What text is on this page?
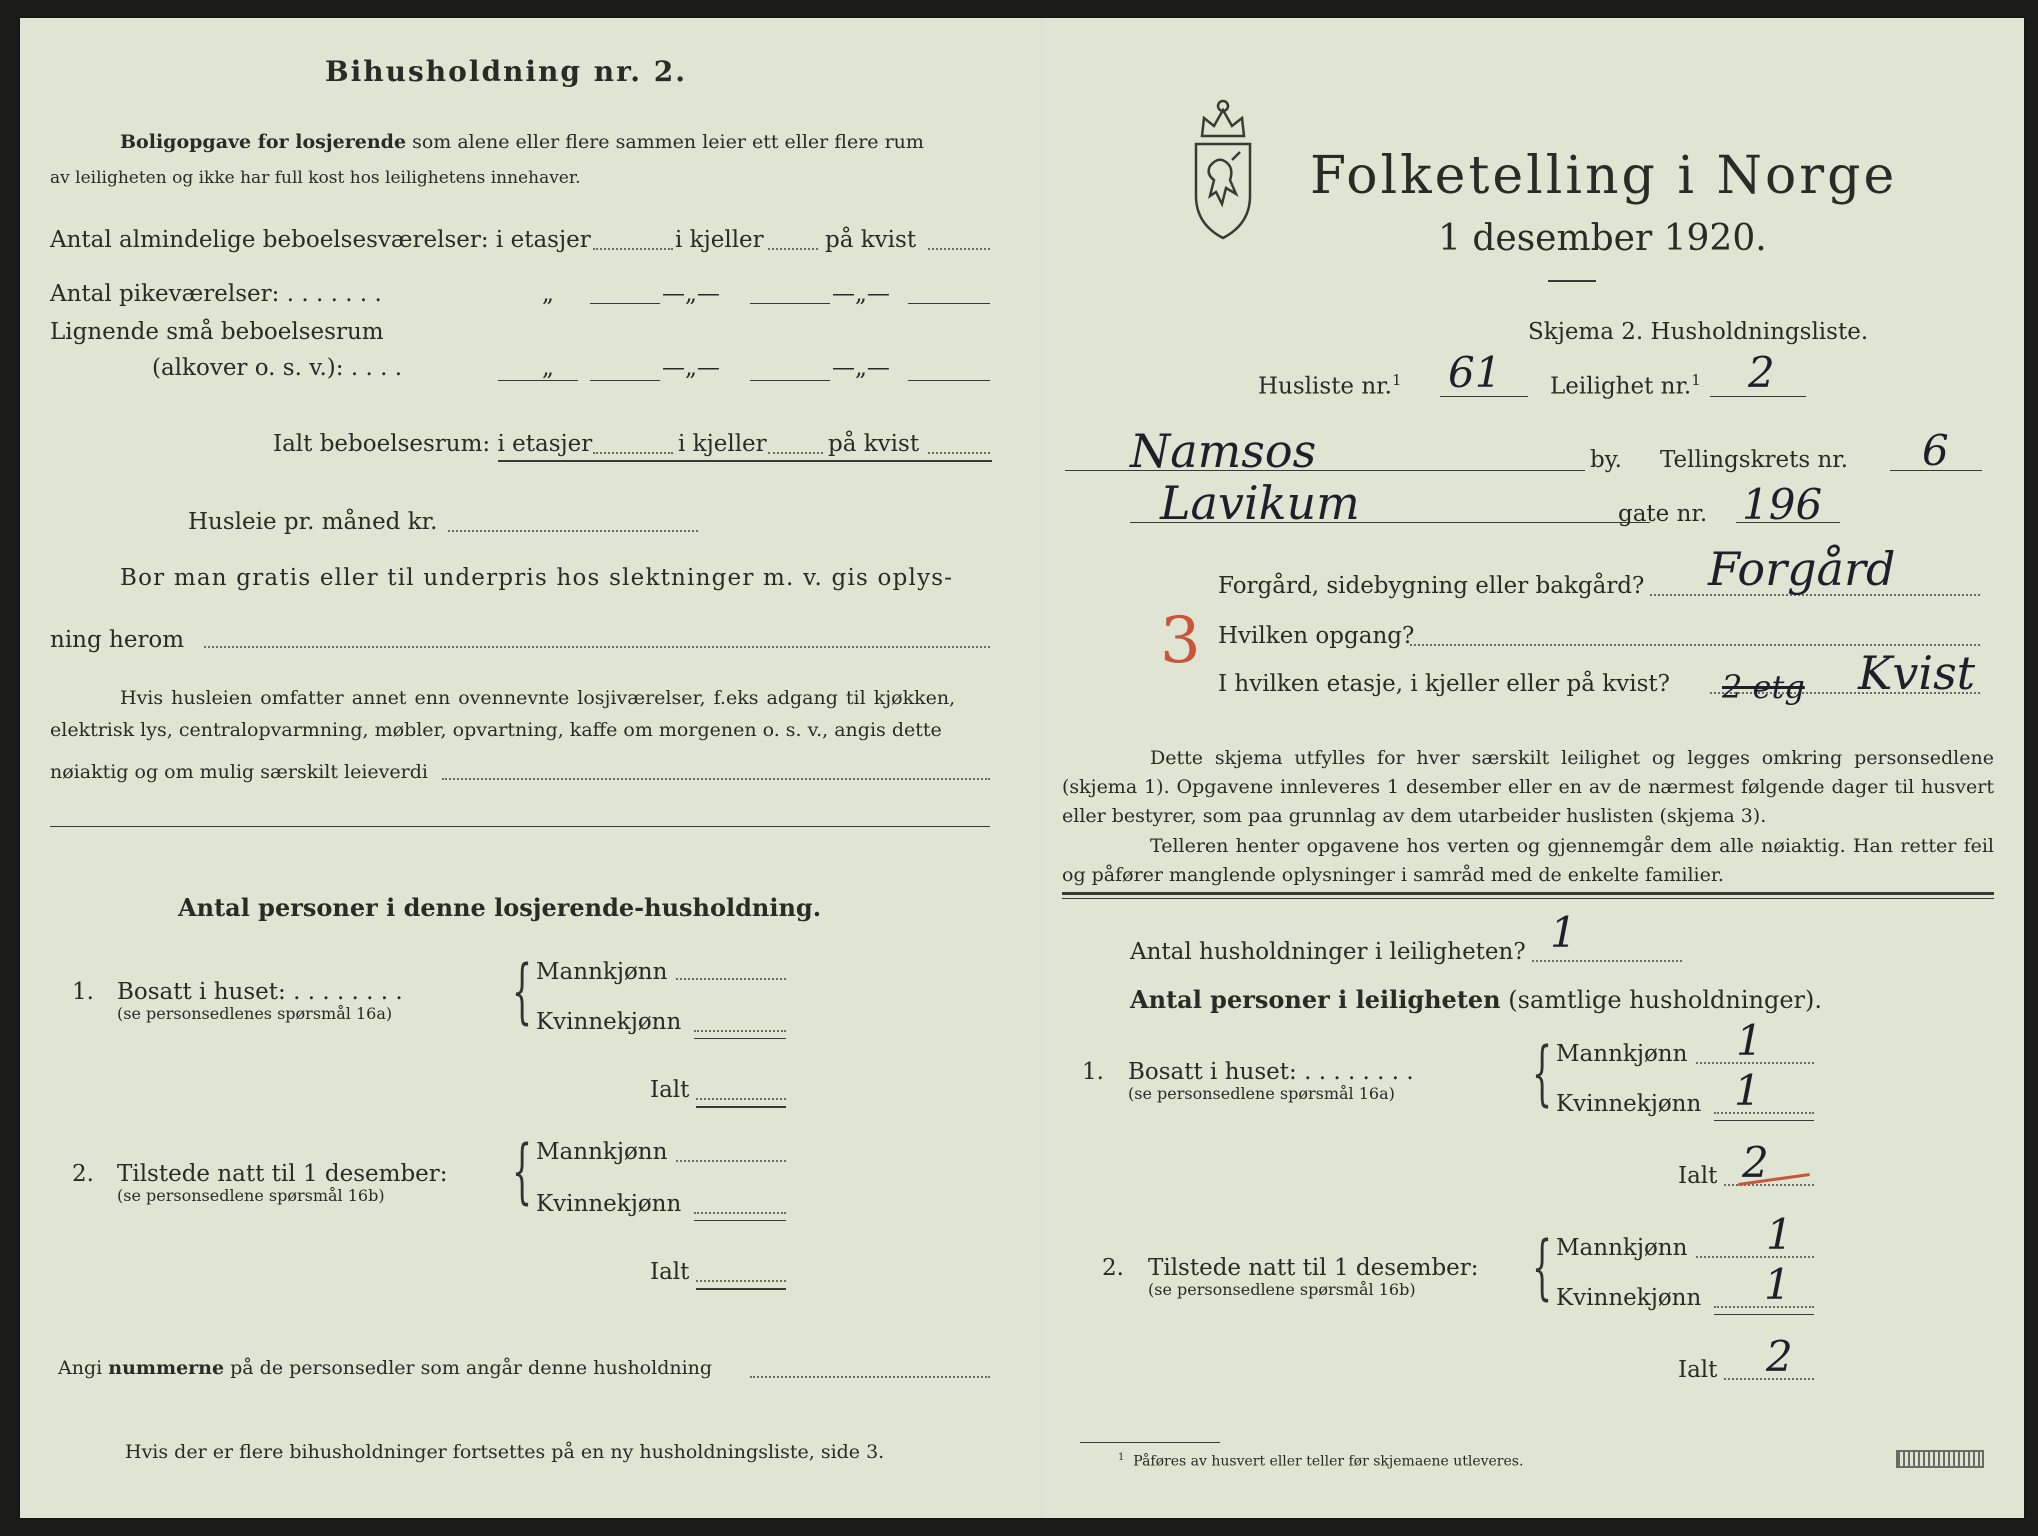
Bihusholdning nr. 2.
Boligopgave for losjerende som alene eller flere sammen leier ett eller flere rum
av leiligheten og ikke har full kost hos leilighetens innehaver.
Antal almindelige beboelsesværelser: i etasjer	i kjeller	på kvist
Antal pikeværelser: . . . . . . .	„	—„—	—„—
Lignende små beboelsesrum
(alkover o. s. v.): . . . .	„	—„—	—„—
Ialt beboelsesrum: i etasjer	i kjeller	på kvist
Husleie pr. måned kr.
Bor man gratis eller til underpris hos slektninger m. v. gis oplys-
ning herom
Hvis husleien omfatter annet enn ovennevnte losjiværelser, f.eks adgang til kjøkken,
elektrisk lys, centralopvarmning, møbler, opvartning, kaffe om morgenen o. s. v., angis dette
nøiaktig og om mulig særskilt leieverdi
Antal personer i denne losjerende-husholdning.
1. Bosatt i huset: . . . . . . . .
(se personsedlenes spørsmål 16a) { Mannkjønn
Kvinnekjønn
Ialt
2. Tilstede natt til 1 desember:
(se personsedlene spørsmål 16b) { Mannkjønn
Kvinnekjønn
Ialt
Angi nummerne på de personsedler som angår denne husholdning
Hvis der er flere bihusholdninger fortsettes på en ny husholdningsliste, side 3.
Folketelling i Norge
1 desember 1920.
Skjema 2. Husholdningsliste.
Husliste nr.$^1$ 61 Leilighet nr.$^1$ 2
Namsos	by. Tellingskrets nr. 6
Lavikum	gate nr. 196
Forgård, sidebygning eller bakgård? Forgård
3 Hvilken opgang?
I hvilken etasje, i kjeller eller på kvist? 2 etg Kvist
Dette skjema utfylles for hver særskilt leilighet og legges omkring personsedlene (skjema 1). Opgavene innleveres 1 desember eller en av de nærmest følgende dager til husvert eller bestyrer, som paa grunnlag av dem utarbeider huslisten (skjema 3).
Telleren henter opgavene hos verten og gjennemgår dem alle nøiaktig. Han retter feil og påfører manglende oplysninger i samråd med de enkelte familier.
Antal husholdninger i leiligheten? 1
Antal personer i leiligheten (samtlige husholdninger).
1. Bosatt i huset: . . . . . . . .
(se personsedlene spørsmål 16a) { Mannkjønn 1
Kvinnekjønn 1
Ialt 2
2. Tilstede natt til 1 desember:
(se personsedlene spørsmål 16b) { Mannkjønn 1
Kvinnekjønn 1
Ialt 2
$^1$ Påføres av husvert eller teller før skjemaene utleveres.
